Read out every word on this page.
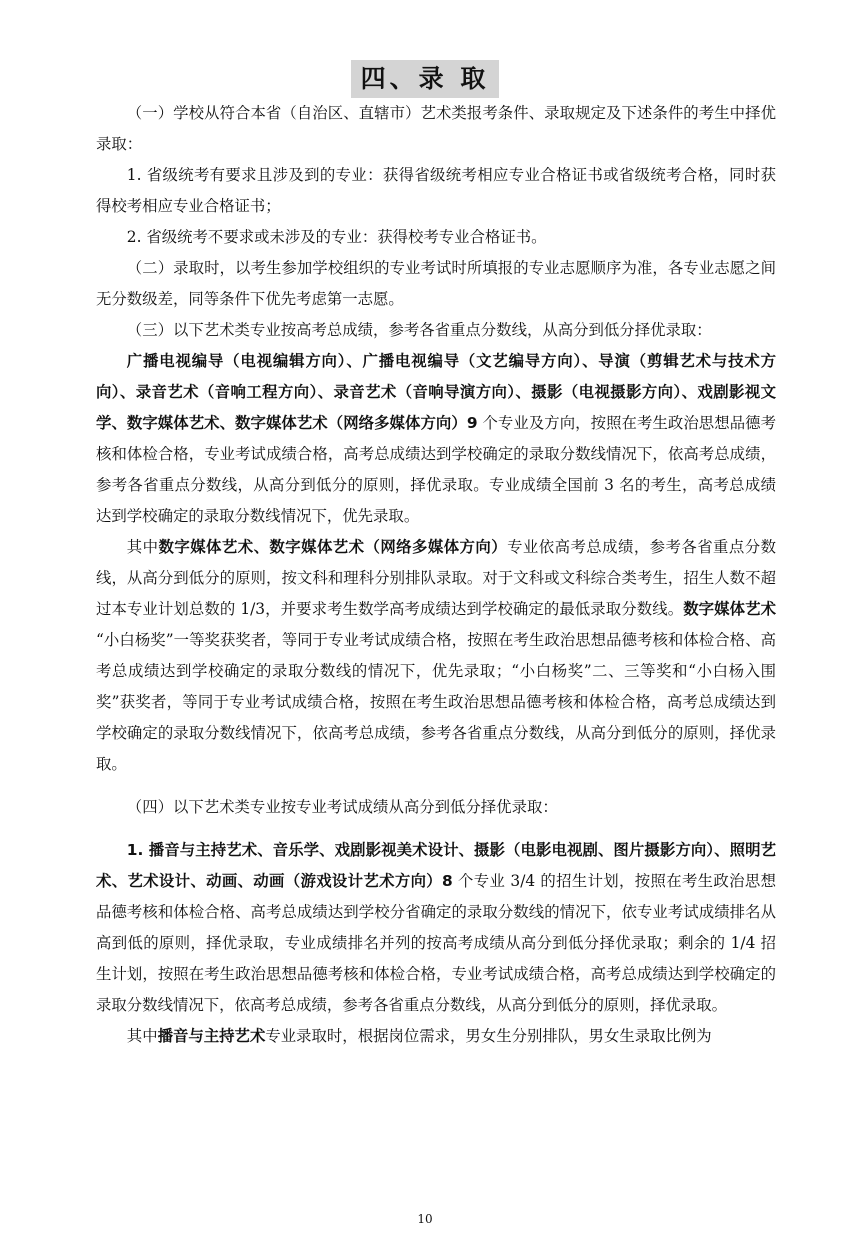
四、录 取

（一）学校从符合本省（自治区、直辖市）艺术类报考条件、录取规定及下述条件的考生中择优录取：

1. 省级统考有要求且涉及到的专业：获得省级统考相应专业合格证书或省级统考合格，同时获得校考相应专业合格证书；

2. 省级统考不要求或未涉及的专业：获得校考专业合格证书。

（二）录取时，以考生参加学校组织的专业考试时所填报的专业志愿顺序为准，各专业志愿之间无分数级差，同等条件下优先考虑第一志愿。

（三）以下艺术类专业按高考总成绩，参考各省重点分数线，从高分到低分择优录取：

广播电视编导（电视编辑方向）、广播电视编导（文艺编导方向）、导演（剪辑艺术与技术方向）、录音艺术（音响工程方向）、录音艺术（音响导演方向）、摄影（电视摄影方向）、戏剧影视文学、数字媒体艺术、数字媒体艺术（网络多媒体方向）9 个专业及方向，按照在考生政治思想品德考核和体检合格，专业考试成绩合格，高考总成绩达到学校确定的录取分数线情况下，依高考总成绩，参考各省重点分数线，从高分到低分的原则，择优录取。专业成绩全国前 3 名的考生，高考总成绩达到学校确定的录取分数线情况下，优先录取。

其中数字媒体艺术、数字媒体艺术（网络多媒体方向）专业依高考总成绩，参考各省重点分数线，从高分到低分的原则，按文科和理科分别排队录取。对于文科或文科综合类考生，招生人数不超过本专业计划总数的 1/3，并要求考生数学高考成绩达到学校确定的最低录取分数线。数字媒体艺术 “小白杨奖”一等奖获奖者，等同于专业考试成绩合格，按照在考生政治思想品德考核和体检合格、高考总成绩达到学校确定的录取分数线的情况下，优先录取；“小白杨奖”二、三等奖和“小白杨入围奖”获奖者，等同于专业考试成绩合格，按照在考生政治思想品德考核和体检合格，高考总成绩达到学校确定的录取分数线情况下，依高考总成绩，参考各省重点分数线，从高分到低分的原则，择优录取。

（四）以下艺术类专业按专业考试成绩从高分到低分择优录取：

1. 播音与主持艺术、音乐学、戏剧影视美术设计、摄影（电影电视剧、图片摄影方向）、照明艺术、艺术设计、动画、动画（游戏设计艺术方向）8 个专业 3/4 的招生计划，按照在考生政治思想品德考核和体检合格、高考总成绩达到学校分省确定的录取分数线的情况下，依专业考试成绩排名从高到低的原则，择优录取，专业成绩排名并列的按高考成绩从高分到低分择优录取；剩余的 1/4 招生计划，按照在考生政治思想品德考核和体检合格，专业考试成绩合格，高考总成绩达到学校确定的录取分数线情况下，依高考总成绩，参考各省重点分数线，从高分到低分的原则，择优录取。

其中播音与主持艺术专业录取时，根据岗位需求，男女生分别排队，男女生录取比例为

10
